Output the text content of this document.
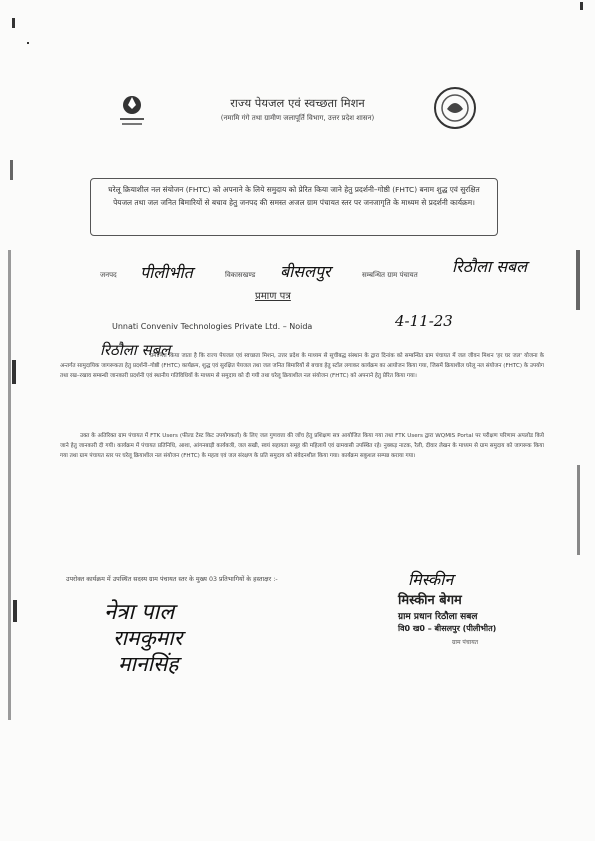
राज्य पेयजल एवं स्वच्छता मिशन
(नमामि गंगे तथा ग्रामीण जलापूर्ति विभाग, उत्तर प्रदेश शासन)
घरेलू क्रियाशील नल संयोजन (FHTC) को अपनाने के लिये समुदाय को प्रेरित किया जाने हेतु प्रदर्शनी–गोष्ठी (FHTC) बनाम शुद्ध एवं सुरक्षित पेयजल तथा जल जनित बिमारियों से बचाव हेतु जनपद की समस्त अजल ग्राम पंचायत स्तर पर जनजागृति के माध्यम से प्रदर्शनी कार्यक्रम।
जनपद पीलीभीत	विकासखण्ड बीसलपुर	सम्बन्धित ग्राम पंचायत रिठौला सबल
प्रमाण पत्र
Unnati Conveniv Technologies Private Ltd. – Noida	4-11-23
रिठौला सबल
प्रमाणित किया जाता है कि राज्य पेयजल एवं स्वच्छता मिशन, उत्तर प्रदेश के माध्यम से सूचीबद्ध संस्थान के द्वारा दिनांक को सम्बन्धित ग्राम पंचायत में जल जीवन मिशन 'हर घर जल' योजना के अन्तर्गत सामुदायिक जागरूकता हेतु प्रदर्शनी–गोष्ठी (FHTC) कार्यक्रम, शुद्ध एवं सुरक्षित पेयजल तथा जल जनित बिमारियों से बचाव हेतु स्टॉल लगाकर कार्यक्रम का आयोजन किया गया, जिसमें क्रियाशील घरेलू नल संयोजन (FHTC) के उपयोग तथा रख–रखाव सम्बन्धी जानकारी प्रदर्शनी एवं स्थानीय गतिविधियों के माध्यम से समुदाय को दी गयी तथा घरेलू क्रियाशील नल संयोजन (FHTC) को अपनाने हेतु प्रेरित किया गया।
उक्त के अतिरिक्त ग्राम पंचायत में FTK Users (फील्ड टेस्ट किट उपयोगकर्ता) के लिए जल गुणवत्ता की जाँच हेतु प्रशिक्षण सत्र आयोजित किया गया तथा FTK Users द्वारा WQMIS Portal पर परीक्षण परिणाम अपलोड किये जाने हेतु जानकारी दी गयी। कार्यक्रम में पंचायत प्रतिनिधि, आशा, आंगनबाड़ी कार्यकत्री, जल सखी, स्वयं सहायता समूह की महिलायें एवं ग्रामवासी उपस्थित रहे। नुक्कड़ नाटक, रैली, दीवार लेखन के माध्यम से ग्राम समुदाय को जागरूक किया गया तथा ग्राम पंचायत स्तर पर घरेलू क्रियाशील नल संयोजन (FHTC) के महत्व एवं जल संरक्षण के प्रति समुदाय को संवेदनशील किया गया। कार्यक्रम सकुशल सम्पन्न कराया गया।
उपरोक्त कार्यक्रम में उपस्थित सदस्य ग्राम पंचायत स्तर के मुख्य 03 प्रतिभागियों के हस्ताक्षर :-
नेत्रा पाल
रामकुमार
मानसिंह
मिस्कीन
मिस्कीन बेगम
ग्राम प्रधान रिठौला सबल
वि0 ख0 – बीसलपुर (पीलीभीत)
ग्राम पंचायत
